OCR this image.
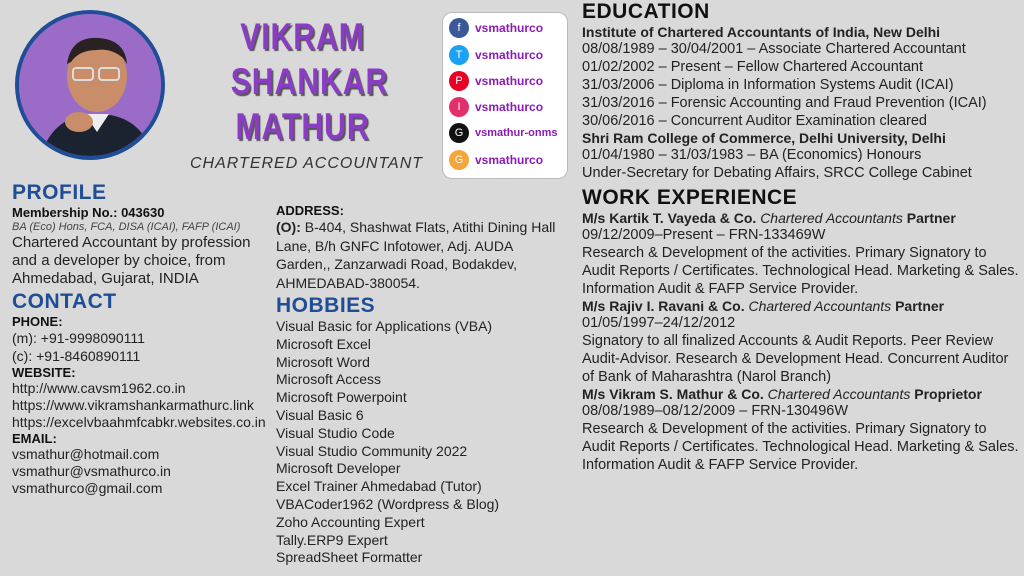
VIKRAM
SHANKAR
MATHUR
CHARTERED ACCOUNTANT
f	vsmathurco
T	vsmathurco
P	vsmathurco
I	vsmathurco
G	vsmathur-onms
G vsmathurco
PROFILE
Membership No.: 043630
BA (Eco) Hons, FCA, DISA (ICAI), FAFP (ICAI)
Chartered Accountant by profession and a developer by choice, from Ahmedabad, Gujarat, INDIA
CONTACT
PHONE:
(m): +91-9998090111
(c): +91-8460890111
WEBSITE:
http://www.cavsm1962.co.in
https://www.vikramshankarmathurc.link
https://excelvbaahmfcabkr.websites.co.in
EMAIL:
vsmathur@hotmail.com
vsmathur@vsmathurco.in
vsmathurco@gmail.com
ADDRESS:
(O): B-404, Shashwat Flats, Atithi Dining Hall Lane, B/h GNFC Infotower, Adj. AUDA Garden,, Zanzarwadi Road, Bodakdev, AHMEDABAD-380054.
HOBBIES
Visual Basic for Applications (VBA)
Microsoft Excel
Microsoft Word
Microsoft Access
Microsoft Powerpoint
Visual Basic 6
Visual Studio Code
Visual Studio Community 2022
Microsoft Developer
Excel Trainer Ahmedabad (Tutor)
VBACoder1962 (Wordpress & Blog)
Zoho Accounting Expert
Tally.ERP9 Expert
SpreadSheet Formatter
EDUCATION
Institute of Chartered Accountants of India, New Delhi
08/08/1989 – 30/04/2001 – Associate Chartered Accountant
01/02/2002 – Present – Fellow Chartered Accountant
31/03/2006 – Diploma in Information Systems Audit (ICAI)
31/03/2016 – Forensic Accounting and Fraud Prevention (ICAI)
30/06/2016 – Concurrent Auditor Examination cleared
Shri Ram College of Commerce, Delhi University, Delhi
01/04/1980 – 31/03/1983 – BA (Economics) Honours
Under-Secretary for Debating Affairs, SRCC College Cabinet
WORK EXPERIENCE
M/s Kartik T. Vayeda & Co. Chartered Accountants Partner
09/12/2009–Present – FRN-133469W
Research & Development of the activities. Primary Signatory to Audit Reports / Certificates. Technological Head. Marketing & Sales. Information Audit & FAFP Service Provider.
M/s Rajiv I. Ravani & Co. Chartered Accountants Partner
01/05/1997–24/12/2012
Signatory to all finalized Accounts & Audit Reports. Peer Review Audit-Advisor. Research & Development Head. Concurrent Auditor of Bank of Maharashtra (Narol Branch)
M/s Vikram S. Mathur & Co. Chartered Accountants Proprietor
08/08/1989–08/12/2009 – FRN-130496W
Research & Development of the activities. Primary Signatory to Audit Reports / Certificates. Technological Head. Marketing & Sales. Information Audit & FAFP Service Provider.
